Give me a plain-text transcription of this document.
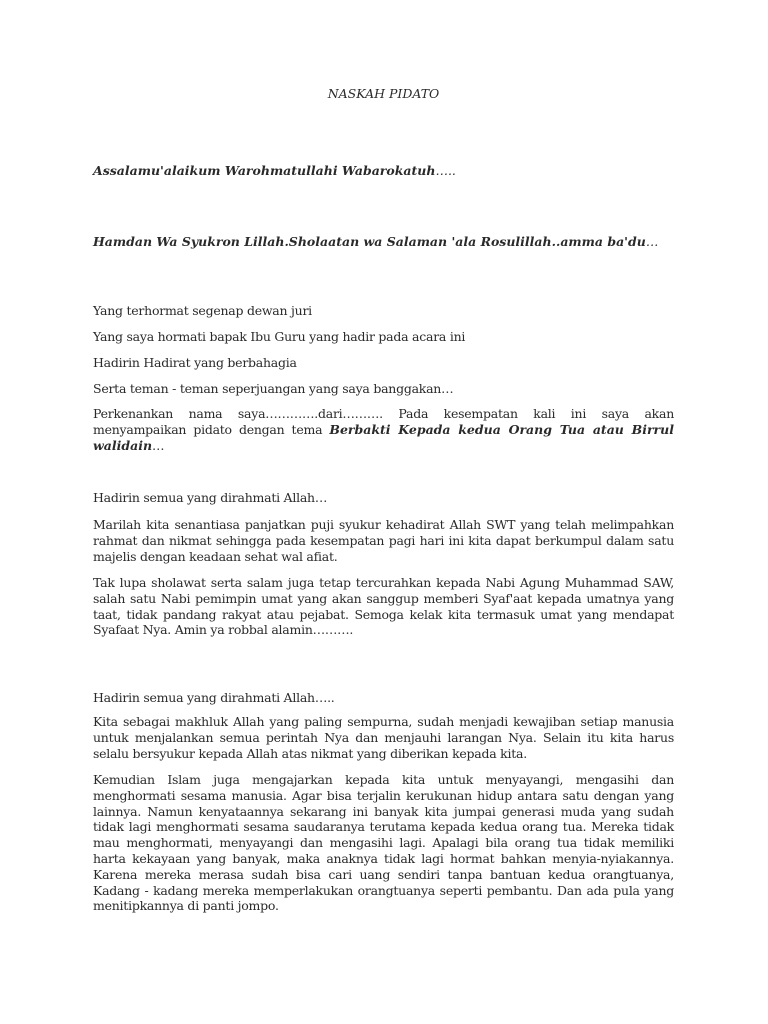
NASKAH PIDATO

Assalamu'alaikum Warohmatullahi Wabarokatuh…..

Hamdan Wa Syukron Lillah.Sholaatan wa Salaman 'ala Rosulillah..amma ba'du…

Yang terhormat segenap dewan juri

Yang saya hormati bapak Ibu Guru yang hadir pada acara ini

Hadirin Hadirat yang berbahagia

Serta teman - teman seperjuangan yang saya banggakan…

Perkenankan nama saya………….dari………. Pada kesempatan kali ini saya akan menyampaikan pidato dengan tema Berbakti Kepada kedua Orang Tua atau Birrul walidain…

Hadirin semua yang dirahmati Allah…

Marilah kita senantiasa panjatkan puji syukur kehadirat Allah SWT yang telah melimpahkan rahmat dan nikmat sehingga pada kesempatan pagi hari ini kita dapat berkumpul dalam satu majelis dengan keadaan sehat wal afiat.

Tak lupa sholawat serta salam juga tetap tercurahkan kepada Nabi Agung Muhammad SAW, salah satu Nabi pemimpin umat yang akan sanggup memberi Syaf'aat kepada umatnya yang taat, tidak pandang rakyat atau pejabat. Semoga kelak kita termasuk umat yang mendapat Syafaat Nya. Amin ya robbal alamin……….

Hadirin semua yang dirahmati Allah…..

Kita sebagai makhluk Allah yang paling sempurna, sudah menjadi kewajiban setiap manusia untuk menjalankan semua perintah Nya dan menjauhi larangan Nya. Selain itu kita harus selalu bersyukur kepada Allah atas nikmat yang diberikan kepada kita.

Kemudian Islam juga mengajarkan kepada kita untuk menyayangi, mengasihi dan menghormati sesama manusia. Agar bisa terjalin kerukunan hidup antara satu dengan yang lainnya. Namun kenyataannya sekarang ini banyak kita jumpai generasi muda yang sudah tidak lagi menghormati sesama saudaranya terutama kepada kedua orang tua. Mereka tidak mau menghormati, menyayangi dan mengasihi lagi. Apalagi bila orang tua tidak memiliki harta kekayaan yang banyak, maka anaknya tidak lagi hormat bahkan menyia-nyiakannya. Karena mereka merasa sudah bisa cari uang sendiri tanpa bantuan kedua orangtuanya, Kadang - kadang mereka memperlakukan orangtuanya seperti pembantu. Dan ada pula yang menitipkannya di panti jompo.
